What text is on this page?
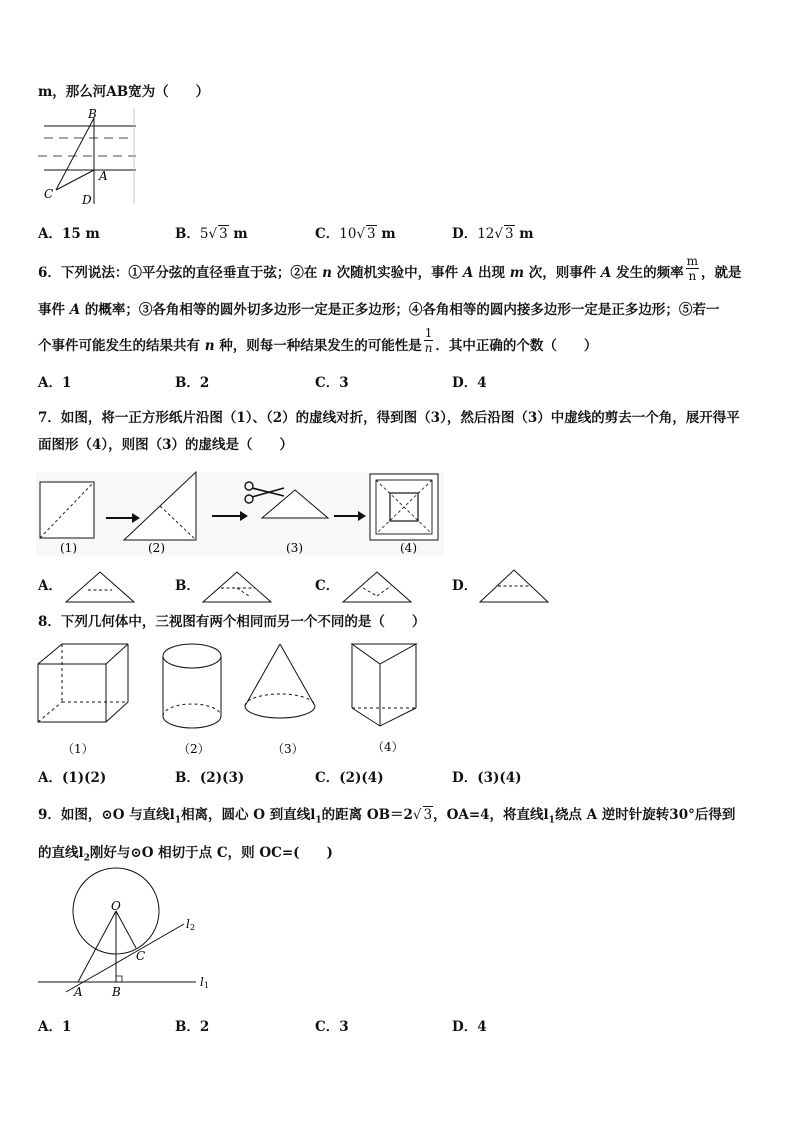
m，那么河AB宽为（　　）
B
C
A
D
A．15 m	B．5√ 3 m	C．10√ 3 m	D．12√ 3 m
6．下列说法：①平分弦的直径垂直于弦；②在 n 次随机实验中，事件 A 出现 m 次，则事件 A 发生的频率 $\frac{m}{n}$ ，就是
事件 A 的概率；③各角相等的圆外切多边形一定是正多边形；④各角相等的圆内接多边形一定是正多边形；⑤若一
个事件可能发生的结果共有 n 种，则每一种结果发生的可能性是 $\frac{1}{n}$ ．其中正确的个数（　　）
A．1	B．2	C．3	D．4
7．如图，将一正方形纸片沿图（1）、（2）的虚线对折，得到图（3），然后沿图（3）中虚线的剪去一个角，展开得平
面图形（4），则图（3）的虚线是（　　）
(1)	(2)	(3)	(4)
A．	B．	C．	D．
8．下列几何体中，三视图有两个相同而另一个不同的是（　　）
（1）	（2）	（3）	（4）
A．(1)(2)	B．(2)(3)	C．(2)(4)	D．(3)(4)
9．如图，⊙O 与直线$l_1$相离，圆心 O 到直线$l_1$的距离 OB＝2√ 3，OA=4，将直线$l_1$绕点 A 逆时针旋转30°后得到
的直线$l_2$刚好与⊙O 相切于点 C，则 OC=(　　)
O
C
A B
l 2
l 1
A．1	B．2	C．3	D．4
